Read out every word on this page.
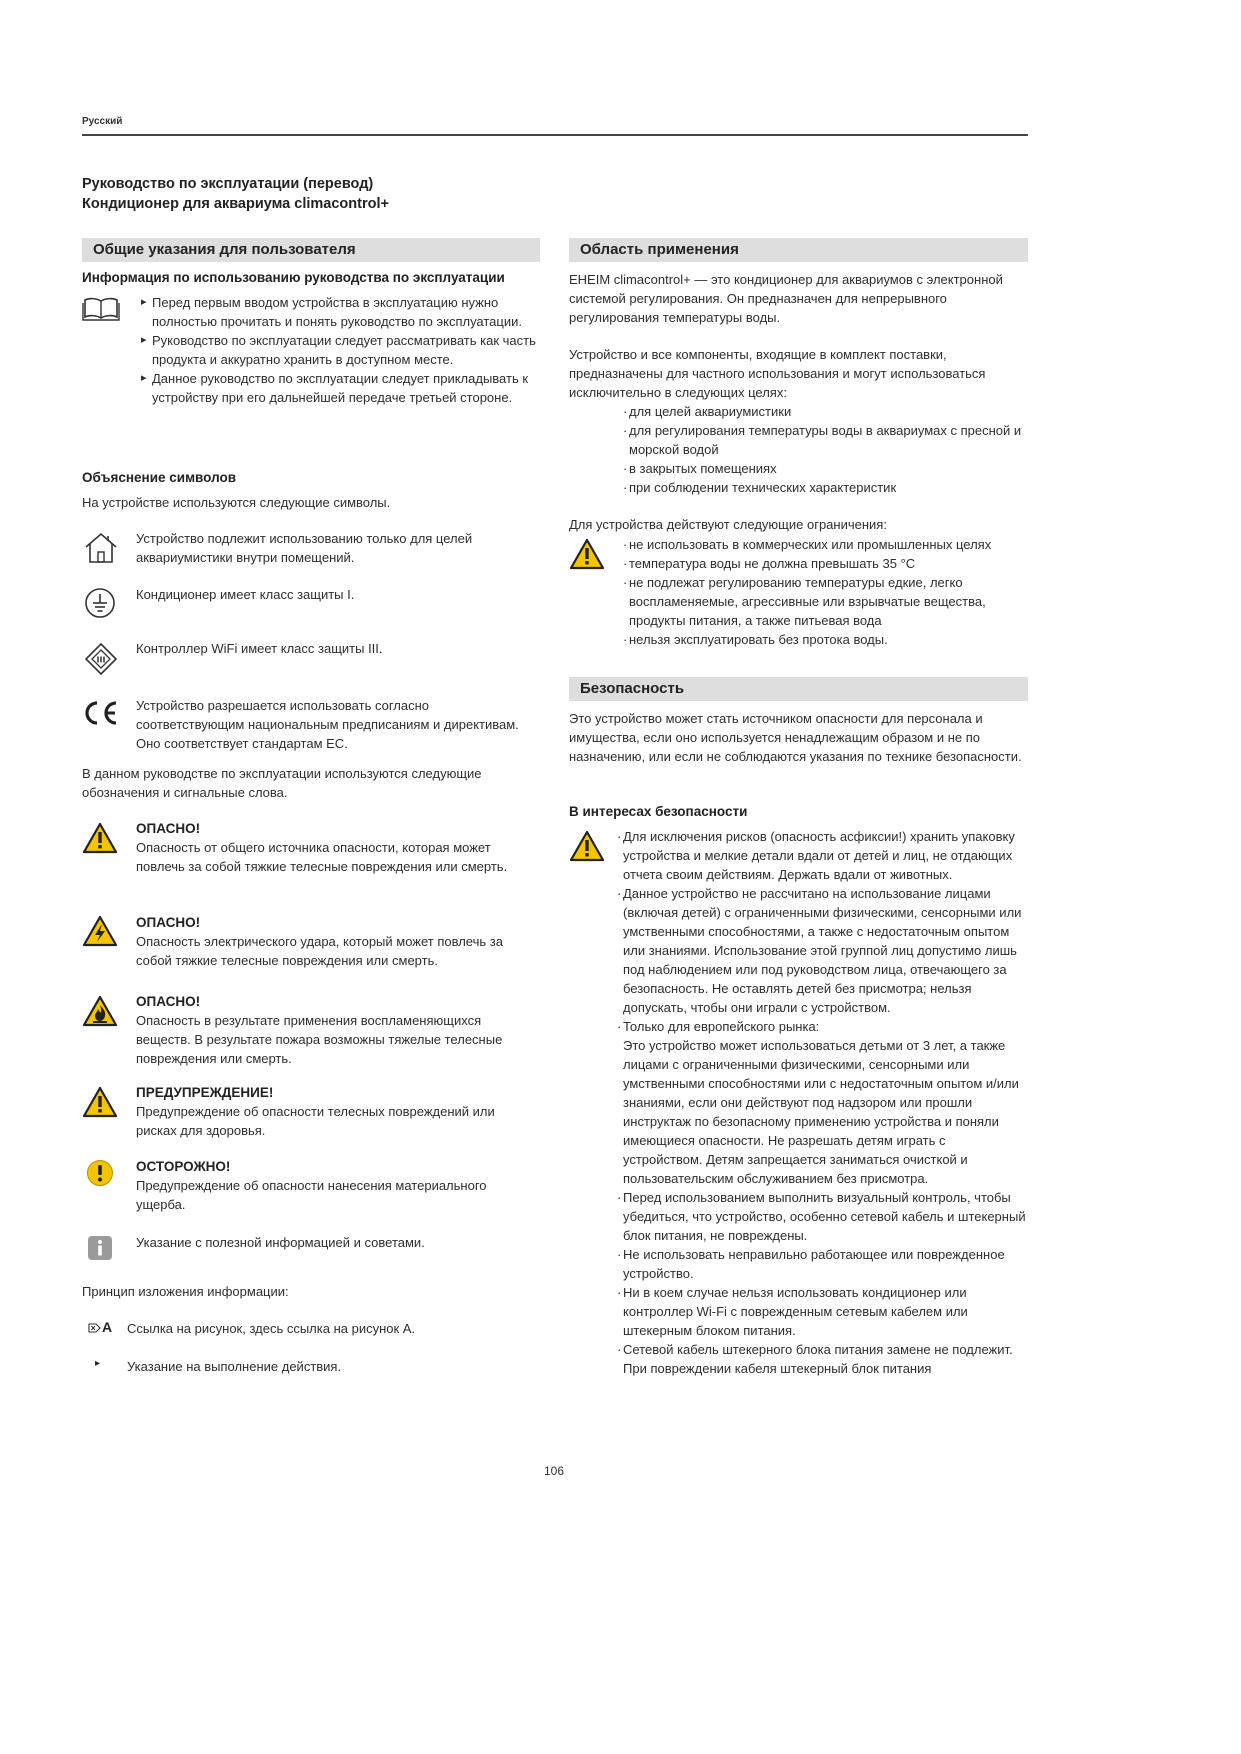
Русский
Руководство по эксплуатации (перевод)
Кондиционер для аквариума climacontrol+
Общие указания для пользователя
Информация по использованию руководства по эксплуатации
▸ Перед первым вводом устройства в эксплуатацию нужно полностью прочитать и понять руководство по эксплуатации.
▸ Руководство по эксплуатации следует рассматривать как часть продукта и аккуратно хранить в доступном месте.
▸ Данное руководство по эксплуатации следует прикладывать к устройству при его дальнейшей передаче третьей стороне.
Объяснение символов
На устройстве используются следующие символы.
Устройство подлежит использованию только для целей аквариумистики внутри помещений.
Кондиционер имеет класс защиты I.
III
Контроллер WiFi имеет класс защиты III.
Устройство разрешается использовать согласно соответствующим национальным предписаниям и директивам. Оно соответствует стандартам ЕС.
В данном руководстве по эксплуатации используются следующие обозначения и сигнальные слова.
ОПАСНО!
Опасность от общего источника опасности, которая может повлечь за собой тяжкие телесные повреждения или смерть.
ОПАСНО!
Опасность электрического удара, который может повлечь за собой тяжкие телесные повреждения или смерть.
ОПАСНО!
Опасность в результате применения воспламеняющихся веществ. В результате пожара возможны тяжелые телесные повреждения или смерть.
ПРЕДУПРЕЖДЕНИЕ!
Предупреждение об опасности телесных повреждений или рисках для здоровья.
ОСТОРОЖНО!
Предупреждение об опасности нанесения материального ущерба.
Указание с полезной информацией и советами.
Принцип изложения информации:
A Ссылка на рисунок, здесь ссылка на рисунок А.
▸ Указание на выполнение действия.
Область применения
EHEIM climacontrol+ — это кондиционер для аквариумов с электронной системой регулирования. Он предназначен для непрерывного регулирования температуры воды.
Устройство и все компоненты, входящие в комплект поставки, предназначены для частного использования и могут использоваться исключительно в следующих целях:
· для целей аквариумистики
· для регулирования температуры воды в аквариумах с пресной и морской водой
· в закрытых помещениях
· при соблюдении технических характеристик
Для устройства действуют следующие ограничения:
· не использовать в коммерческих или промышленных целях
· температура воды не должна превышать 35 °C
· не подлежат регулированию температуры едкие, легко воспламеняемые, агрессивные или взрывчатые вещества, продукты питания, а также питьевая вода
· нельзя эксплуатировать без протока воды.
Безопасность
Это устройство может стать источником опасности для персонала и имущества, если оно используется ненадлежащим образом и не по назначению, или если не соблюдаются указания по технике безопасности.
В интересах безопасности
· Для исключения рисков (опасность асфиксии!) хранить упаковку устройства и мелкие детали вдали от детей и лиц, не отдающих отчета своим действиям. Держать вдали от животных.
· Данное устройство не рассчитано на использование лицами (включая детей) с ограниченными физическими, сенсорными или умственными способностями, а также с недостаточным опытом или знаниями. Использование этой группой лиц допустимо лишь под наблюдением или под руководством лица, отвечающего за безопасность. Не оставлять детей без присмотра; нельзя допускать, чтобы они играли с устройством.
· Только для европейского рынка:
Это устройство может использоваться детьми от 3 лет, а также лицами с ограниченными физическими, сенсорными или умственными способностями или с недостаточным опытом и/или знаниями, если они действуют под надзором или прошли инструктаж по безопасному применению устройства и поняли имеющиеся опасности. Не разрешать детям играть с устройством. Детям запрещается заниматься очисткой и пользовательским обслуживанием без присмотра.
· Перед использованием выполнить визуальный контроль, чтобы убедиться, что устройство, особенно сетевой кабель и штекерный блок питания, не повреждены.
· Не использовать неправильно работающее или поврежденное устройство.
· Ни в коем случае нельзя использовать кондиционер или контроллер Wi-Fi с поврежденным сетевым кабелем или штекерным блоком питания.
· Сетевой кабель штекерного блока питания замене не подлежит. При повреждении кабеля штекерный блок питания
106
